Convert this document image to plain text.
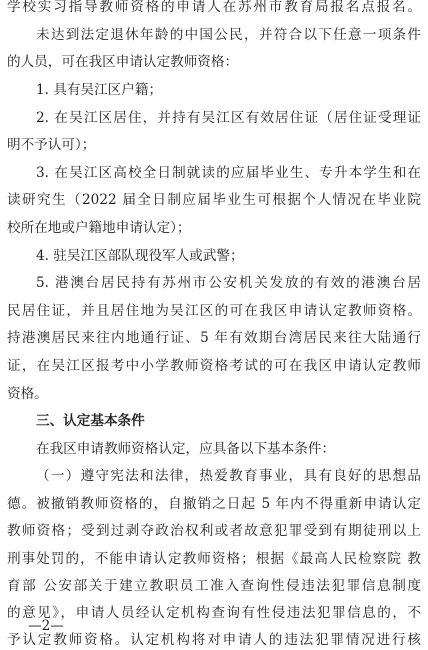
学校实习指导教师资格的申请人在苏州市教育局报名点报名。
未达到法定退休年龄的中国公民，并符合以下任意一项条件
的人员，可在我区申请认定教师资格：
1. 具有吴江区户籍；
2. 在吴江区居住，并持有吴江区有效居住证（居住证受理证
明不予认可）；
3. 在吴江区高校全日制就读的应届毕业生、专升本学生和在
读研究生（2022 届全日制应届毕业生可根据个人情况在毕业院
校所在地或户籍地申请认定）；
4. 驻吴江区部队现役军人或武警；
5. 港澳台居民持有苏州市公安机关发放的有效的港澳台居
民居住证，并且居住地为吴江区的可在我区申请认定教师资格。
持港澳居民来往内地通行证、5 年有效期台湾居民来往大陆通行
证，在吴江区报考中小学教师资格考试的可在我区申请认定教师
资格。
三、认定基本条件
在我区申请教师资格认定，应具备以下基本条件：
（一）遵守宪法和法律，热爱教育事业，具有良好的思想品
德。被撤销教师资格的，自撤销之日起 5 年内不得重新申请认定
教师资格；受到过剥夺政治权利或者故意犯罪受到有期徒刑以上
刑事处罚的，不能申请认定教师资格；根据《最高人民检察院 教
育部 公安部关于建立教职员工准入查询性侵违法犯罪信息制度
的意见》，申请人员经认定机构查询有性侵违法犯罪信息的，不
予认定教师资格。认定机构将对申请人的违法犯罪情况进行核
—2—
